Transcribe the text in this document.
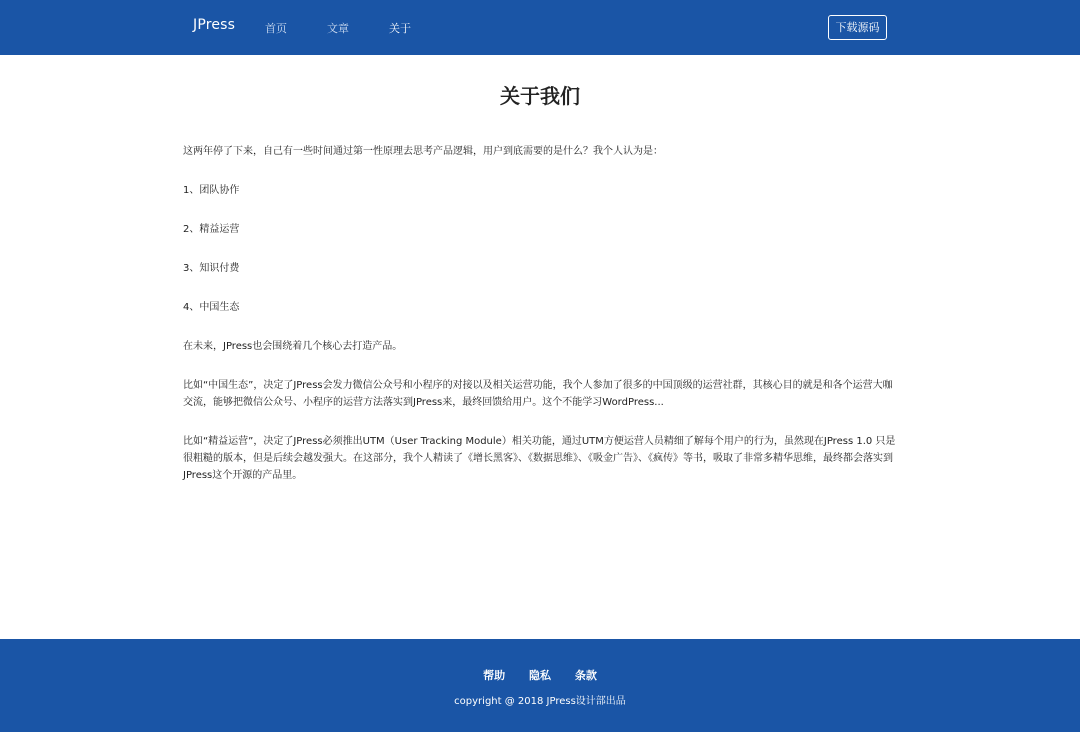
JPress	首页	文章	关于	下载源码
关于我们

这两年停了下来，自己有一些时间通过第一性原理去思考产品逻辑，用户到底需要的是什么？我个人认为是：

1、团队协作

2、精益运营

3、知识付费

4、中国生态

在未来，JPress也会围绕着几个核心去打造产品。

比如“中国生态”，决定了JPress会发力微信公众号和小程序的对接以及相关运营功能，我个人参加了很多的中国顶级的运营社群，其核心目的就是和各个运营大咖交流，能够把微信公众号、小程序的运营方法落实到JPress来，最终回馈给用户。这个不能学习WordPress...

比如“精益运营”，决定了JPress必须推出UTM（User Tracking Module）相关功能，通过UTM方便运营人员精细了解每个用户的行为，虽然现在JPress 1.0 只是很粗糙的版本，但是后续会越发强大。在这部分，我个人精读了《增长黑客》、《数据思维》、《吸金广告》、《疯传》等书，吸取了非常多精华思维，最终都会落实到JPress这个开源的产品里。

帮助 隐私 条款
copyright @ 2018 JPress设计部出品
